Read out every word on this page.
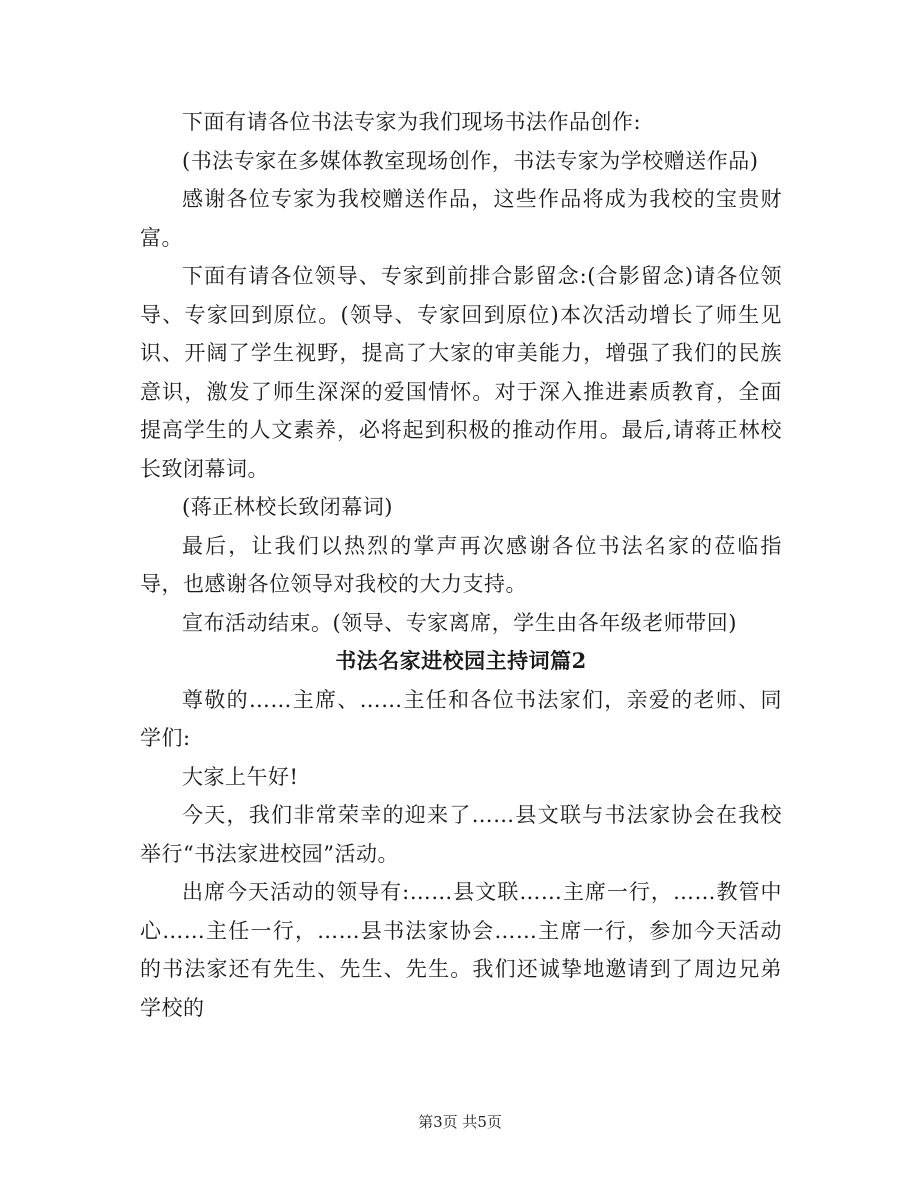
下面有请各位书法专家为我们现场书法作品创作:

(书法专家在多媒体教室现场创作，书法专家为学校赠送作品)

感谢各位专家为我校赠送作品，这些作品将成为我校的宝贵财富。

下面有请各位领导、专家到前排合影留念:(合影留念)请各位领导、专家回到原位。(领导、专家回到原位)本次活动增长了师生见识、开阔了学生视野，提高了大家的审美能力，增强了我们的民族意识，激发了师生深深的爱国情怀。对于深入推进素质教育，全面提高学生的人文素养，必将起到积极的推动作用。最后,请蒋正林校长致闭幕词。

(蒋正林校长致闭幕词)

最后，让我们以热烈的掌声再次感谢各位书法名家的莅临指导，也感谢各位领导对我校的大力支持。

宣布活动结束。(领导、专家离席，学生由各年级老师带回)

书法名家进校园主持词篇2

尊敬的……主席、……主任和各位书法家们，亲爱的老师、同学们:

大家上午好!

今天，我们非常荣幸的迎来了……县文联与书法家协会在我校举行“书法家进校园”活动。

出席今天活动的领导有:……县文联……主席一行，……教管中心……主任一行，……县书法家协会……主席一行，参加今天活动的书法家还有先生、先生、先生。我们还诚挚地邀请到了周边兄弟学校的

第3页 共5页
